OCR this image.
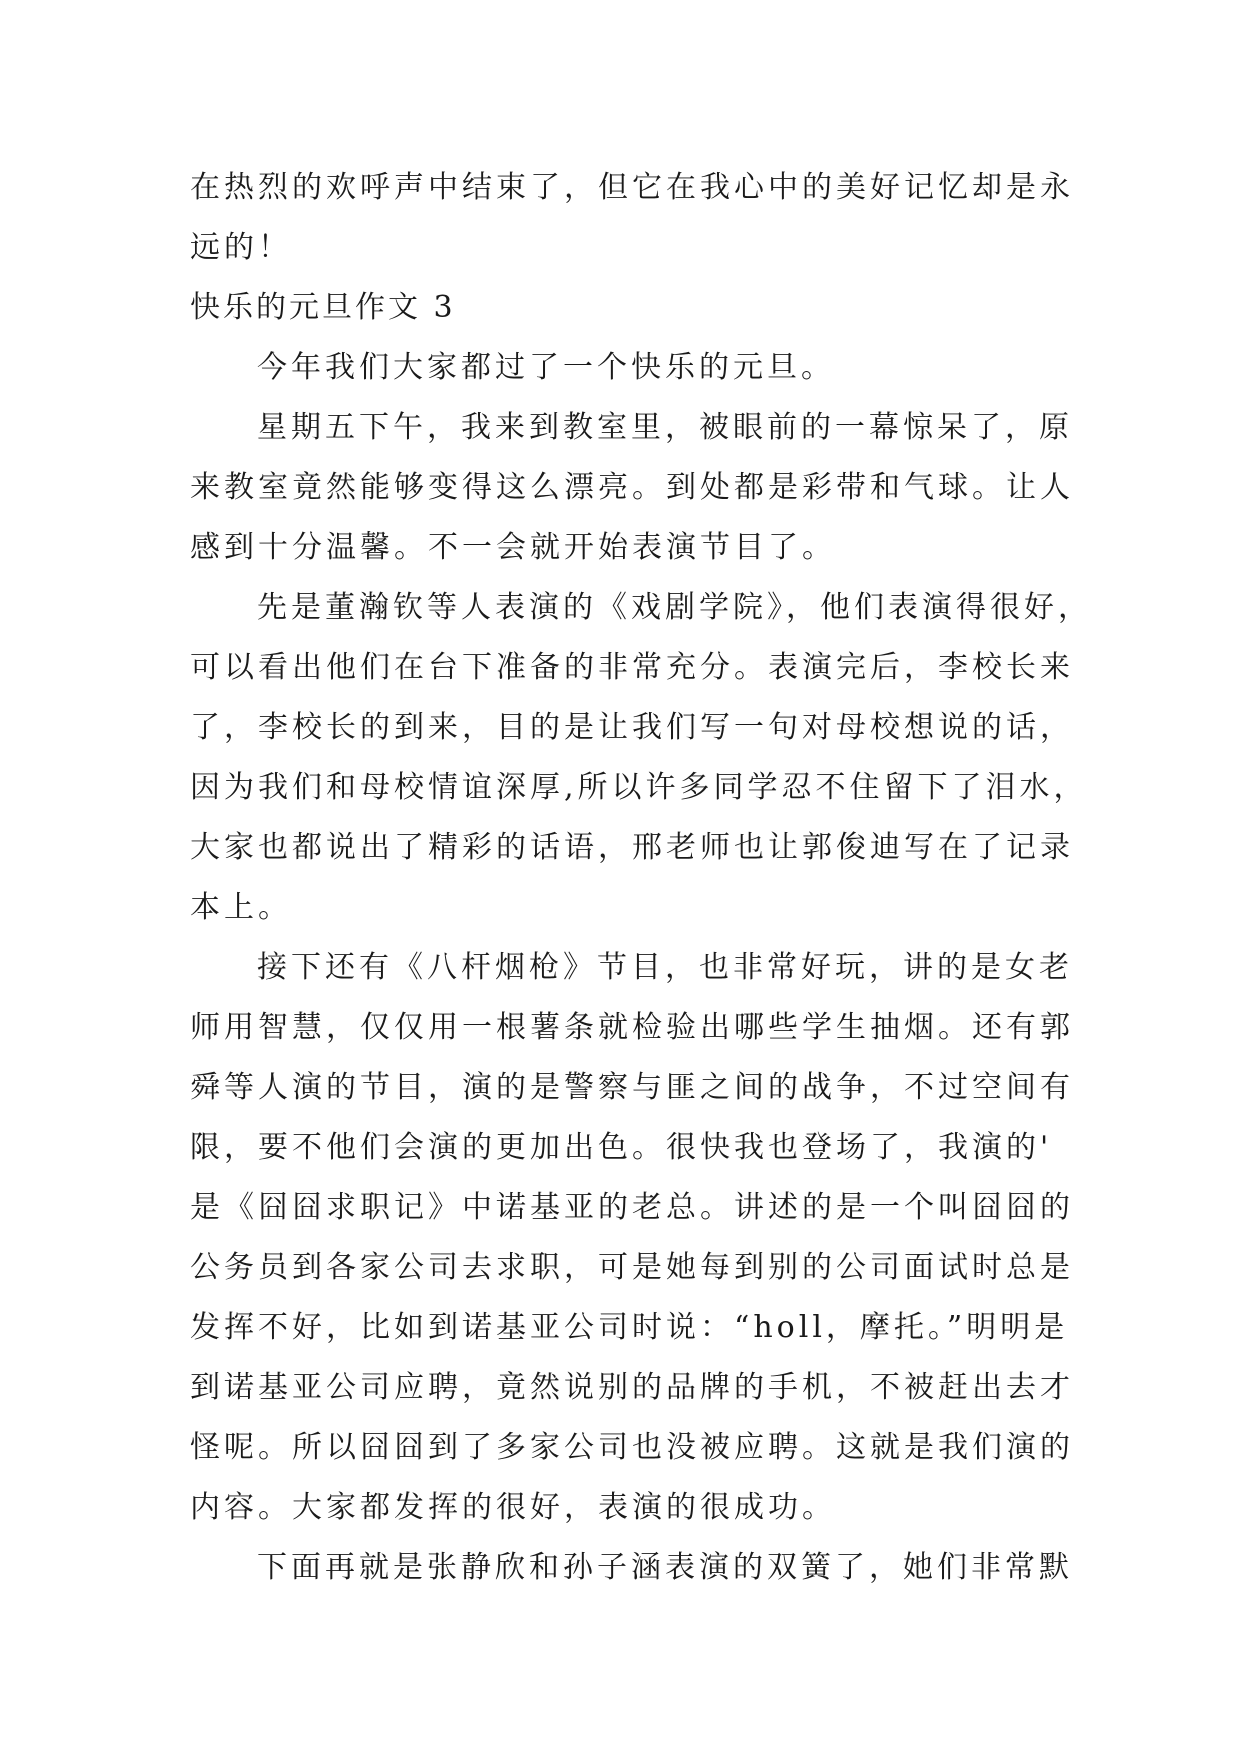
在热烈的欢呼声中结束了，但它在我心中的美好记忆却是永
远的！
快乐的元旦作文 3
今年我们大家都过了一个快乐的元旦。
星期五下午，我来到教室里，被眼前的一幕惊呆了，原
来教室竟然能够变得这么漂亮。到处都是彩带和气球。让人
感到十分温馨。不一会就开始表演节目了。
先是董瀚钦等人表演的《戏剧学院》，他们表演得很好，
可以看出他们在台下准备的非常充分。表演完后，李校长来
了，李校长的到来，目的是让我们写一句对母校想说的话，
因为我们和母校情谊深厚,所以许多同学忍不住留下了泪水，
大家也都说出了精彩的话语，邢老师也让郭俊迪写在了记录
本上。
接下还有《八杆烟枪》节目，也非常好玩，讲的是女老
师用智慧，仅仅用一根薯条就检验出哪些学生抽烟。还有郭
舜等人演的节目，演的是警察与匪之间的战争，不过空间有
限，要不他们会演的更加出色。很快我也登场了，我演的'
是《囧囧求职记》中诺基亚的老总。讲述的是一个叫囧囧的
公务员到各家公司去求职，可是她每到别的公司面试时总是
发挥不好，比如到诺基亚公司时说：“holl，摩托。”明明是
到诺基亚公司应聘，竟然说别的品牌的手机，不被赶出去才
怪呢。所以囧囧到了多家公司也没被应聘。这就是我们演的
内容。大家都发挥的很好，表演的很成功。
下面再就是张静欣和孙子涵表演的双簧了，她们非常默
